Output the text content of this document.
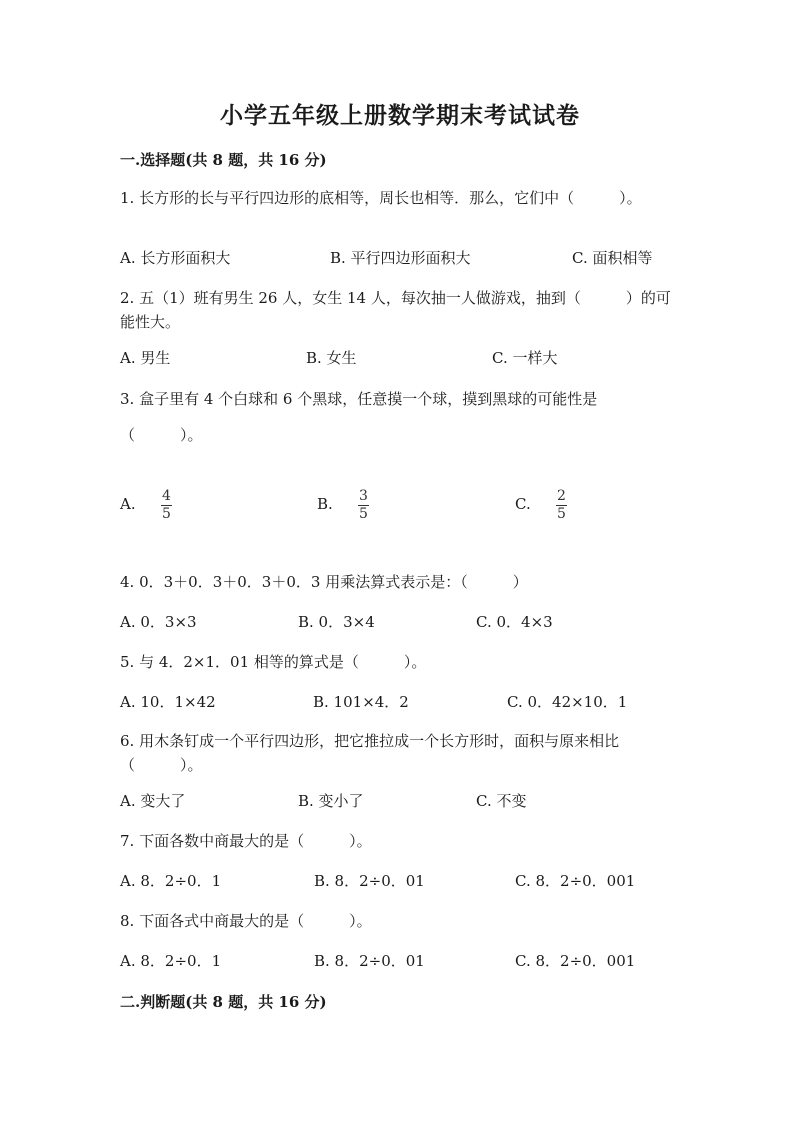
小学五年级上册数学期末考试试卷
一.选择题(共 8 题，共 16 分)

1. 长方形的长与平行四边形的底相等，周长也相等．那么，它们中（　　　）。

A. 长方形面积大	B. 平行四边形面积大	C. 面积相等

2. 五（1）班有男生 26 人，女生 14 人，每次抽一人做游戏，抽到（　　　）的可能性大。

A. 男生	B. 女生	C. 一样大

3. 盒子里有 4 个白球和 6 个黑球，任意摸一个球，摸到黑球的可能性是

（　　　）。

A. 4
5
B. 3
5
C. 2
5

4. 0．3＋0．3＋0．3＋0．3 用乘法算式表示是：（　　　）

A. 0．3×3	B. 0．3×4	C. 0．4×3

5. 与 4．2×1．01 相等的算式是（　　　）。

A. 10．1×42	B. 101×4．2	C. 0．42×10．1

6. 用木条钉成一个平行四边形，把它推拉成一个长方形时，面积与原来相比（　　　）。

A. 变大了	B. 变小了	C. 不变

7. 下面各数中商最大的是（　　　）。

A. 8．2÷0．1	B. 8．2÷0．01	C. 8．2÷0．001

8. 下面各式中商最大的是（　　　）。

A. 8．2÷0．1	B. 8．2÷0．01	C. 8．2÷0．001
二.判断题(共 8 题，共 16 分)
